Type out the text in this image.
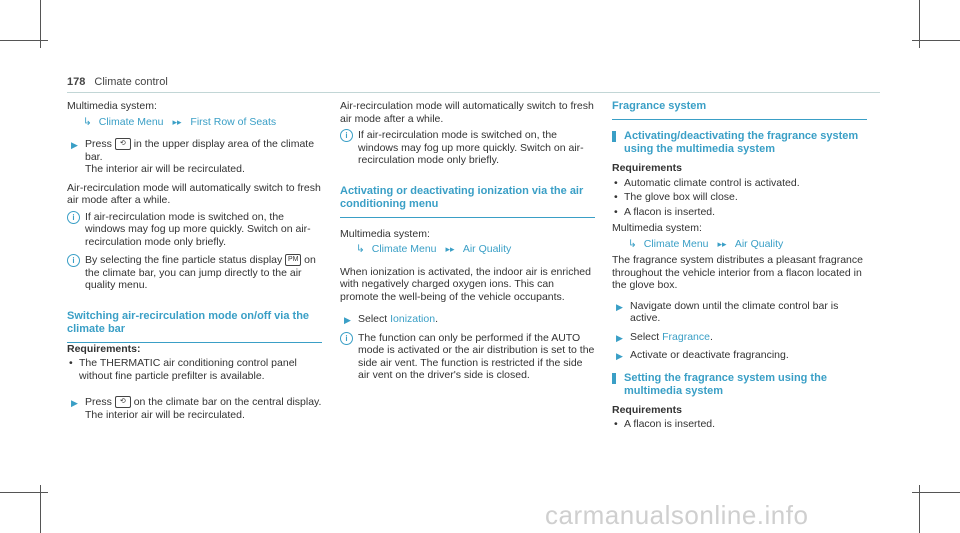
178 Climate control

Multimedia system:

↳ Climate Menu ▸▸ First Row of Seats
▶ Press ⟲ in the upper display area of the climate bar.
The interior air will be recirculated.

Air-recirculation mode will automatically switch to fresh air mode after a while.

i If air-recirculation mode is switched on, the windows may fog up more quickly. Switch on air-recirculation mode only briefly.
i By selecting the fine particle status display PM on the climate bar, you can jump directly to the air quality menu.
Switching air-recirculation mode on/off via the climate bar

Requirements:

• The THERMATIC air conditioning control panel without fine particle prefilter is available.
▶ Press ⟲ on the climate bar on the central display.
The interior air will be recirculated.

Air-recirculation mode will automatically switch to fresh air mode after a while.

i If air-recirculation mode is switched on, the windows may fog up more quickly. Switch on air-recirculation mode only briefly.
Activating or deactivating ionization via the air conditioning menu

Multimedia system:

↳ Climate Menu ▸▸ Air Quality

When ionization is activated, the indoor air is enriched with negatively charged oxygen ions. This can promote the well-being of the vehicle occupants.

▶ Select Ionization.
i The function can only be performed if the AUTO mode is activated or the air distribution is set to the side air vent. The function is restricted if the side air vent on the driver's side is closed.
Fragrance system
Activating/deactivating the fragrance system using the multimedia system

Requirements

• Automatic climate control is activated.
• The glove box will close.
• A flacon is inserted.

Multimedia system:

↳ Climate Menu ▸▸ Air Quality

The fragrance system distributes a pleasant fragrance throughout the vehicle interior from a flacon located in the glove box.

▶ Navigate down until the climate control bar is active.
▶ Select Fragrance.
▶ Activate or deactivate fragrancing.
Setting the fragrance system using the multimedia system

Requirements

• A flacon is inserted.
carmanualsonline.info
